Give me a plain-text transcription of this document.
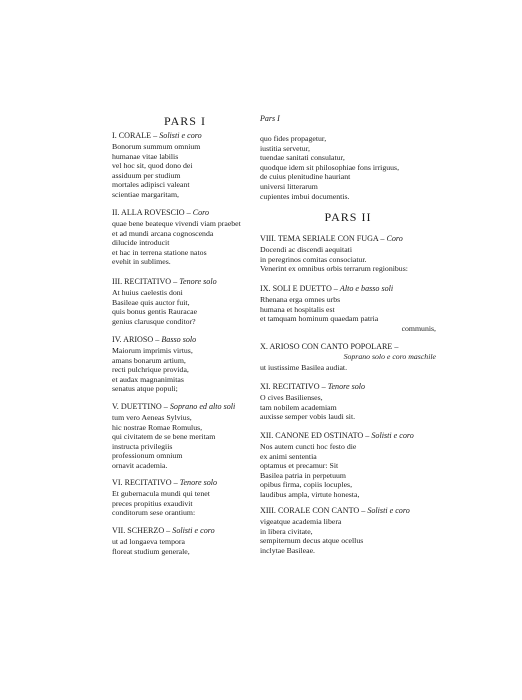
PARS I
I. CORALE – Solisti e coro
Bonorum summum omnium
humanae vitae labilis
vel hoc sit, quod dono dei
assiduum per studium
mortales adipisci valeant
scientiae margaritam,
II. ALLA ROVESCIO – Coro
quae bene beateque vivendi viam praebet
et ad mundi arcana cognoscenda
dilucide introducit
et hac in terrena statione natos
evehit in sublimes.
III. RECITATIVO – Tenore solo
At huius caelestis doni
Basileae quis auctor fuit,
quis bonus gentis Rauracae
genius clarusque conditor?
IV. ARIOSO – Basso solo
Maiorum imprimis virtus,
amans bonarum artium,
recti pulchrique provida,
et audax magnanimitas
senatus atque populi;
V. DUETTINO – Soprano ed alto soli
tum vero Aeneas Sylvius,
hic nostrae Romae Romulus,
qui civitatem de se bene meritam
instructa privilegiis
professionum omnium
ornavit academia.
VI. RECITATIVO – Tenore solo
Et gubernacula mundi qui tenet
preces propitius exaudivit
conditorum sese orantium:
VII. SCHERZO – Solisti e coro
ut ad longaeva tempora
floreat studium generale,
Pars I
quo fides propagetur,
iustitia servetur,
tuendae sanitati consulatur,
quodque idem sit philosophiae fons irriguus,
de cuius plenitudine hauriant
universi litterarum
cupientes imbui documentis.
PARS II
VIII. TEMA SERIALE CON FUGA – Coro
Docendi ac discendi aequitati
in peregrinos comitas consociatur.
Venerint ex omnibus orbis terrarum regionibus:
IX. SOLI E DUETTO – Alto e basso soli
Rhenana erga omnes urbs
humana et hospitalis est
et tamquam hominum quaedam patria
communis,
X. ARIOSO CON CANTO POPOLARE –
Soprano solo e coro maschile
ut iustissime Basilea audiat.
XI. RECITATIVO – Tenore solo
O cives Basilienses,
tam nobilem academiam
auxisse semper vobis laudi sit.
XII. CANONE ED OSTINATO – Solisti e coro
Nos autem cuncti hoc festo die
ex animi sententia
optamus et precamur: Sit
Basilea patria in perpetuum
opibus firma, copiis locuples,
laudibus ampla, virtute honesta,
XIII. CORALE CON CANTO – Solisti e coro
vigeatque academia libera
in libera civitate,
sempiternum decus atque ocellus
inclytae Basileae.
